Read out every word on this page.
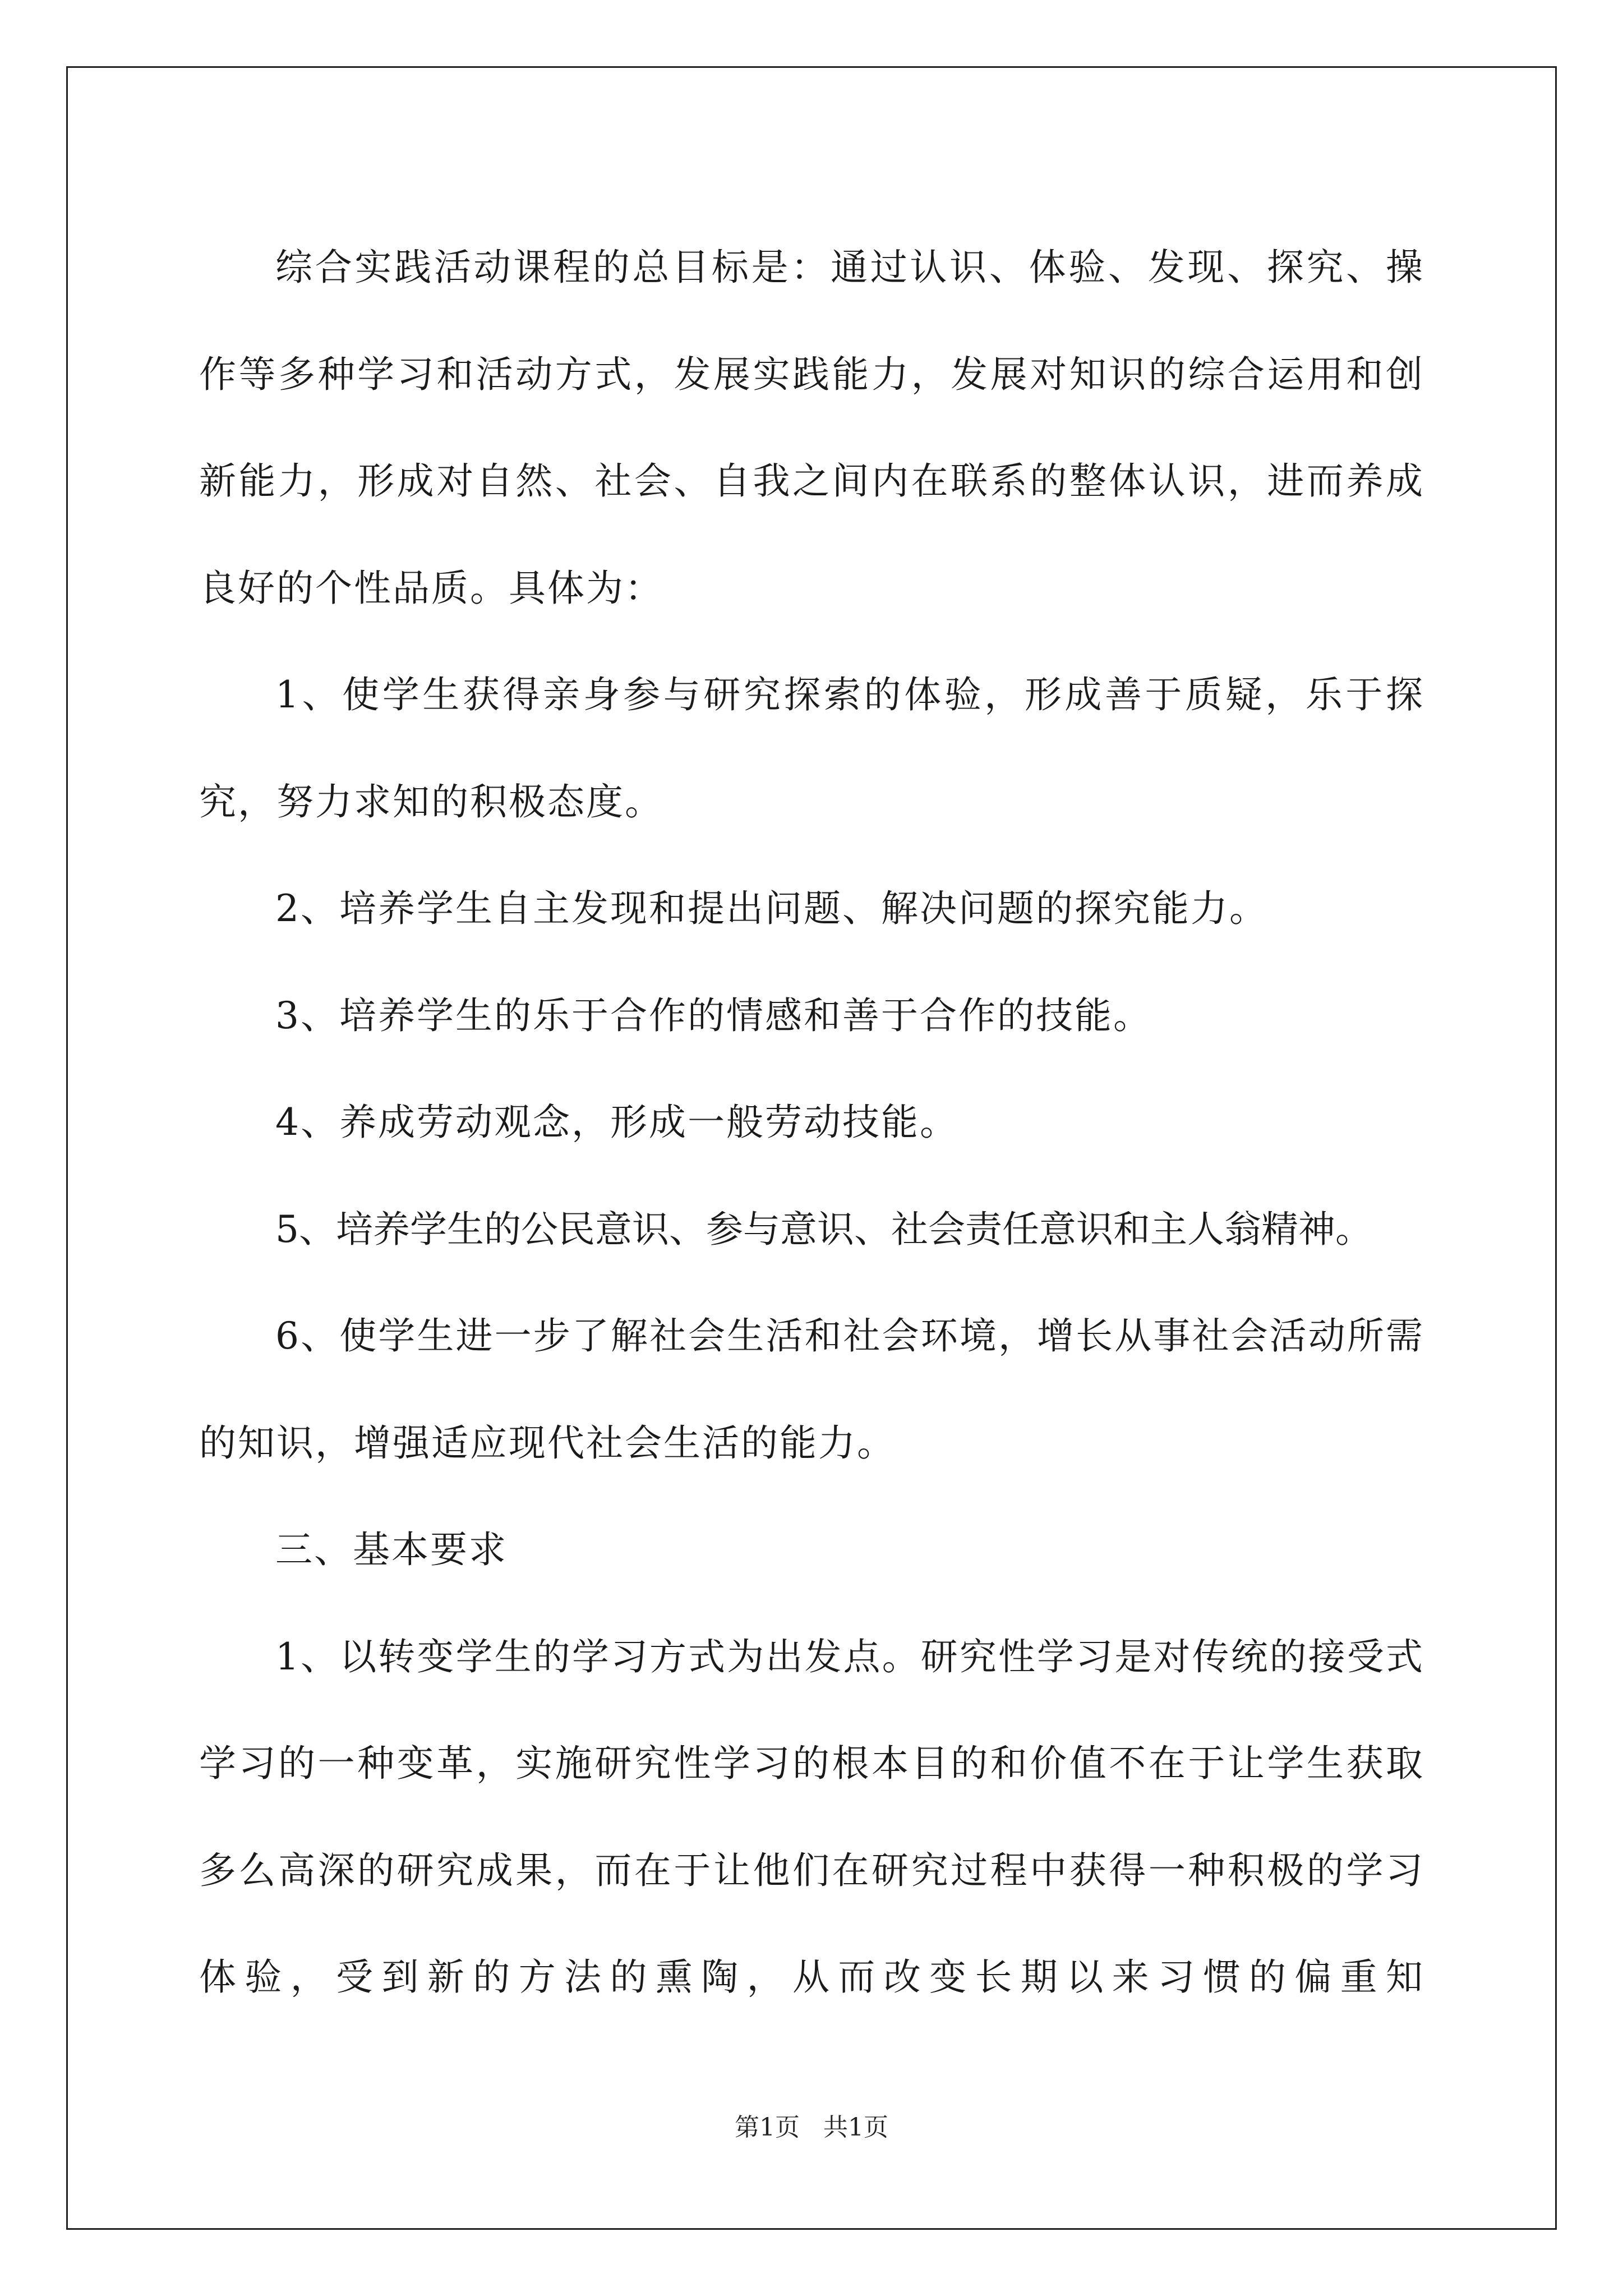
综合实践活动课程的总目标是：通过认识、体验、发现、探究、操作等多种学习和活动方式，发展实践能力，发展对知识的综合运用和创新能力，形成对自然、社会、自我之间内在联系的整体认识，进而养成良好的个性品质。具体为：

1、使学生获得亲身参与研究探索的体验，形成善于质疑，乐于探究，努力求知的积极态度。

2、培养学生自主发现和提出问题、解决问题的探究能力。

3、培养学生的乐于合作的情感和善于合作的技能。

4、养成劳动观念，形成一般劳动技能。

5、培养学生的公民意识、参与意识、社会责任意识和主人翁精神。

6、使学生进一步了解社会生活和社会环境，增长从事社会活动所需的知识，增强适应现代社会生活的能力。

三、基本要求

1、以转变学生的学习方式为出发点。研究性学习是对传统的接受式学习的一种变革，实施研究性学习的根本目的和价值不在于让学生获取多么高深的研究成果，而在于让他们在研究过程中获得一种积极的学习体验，受到新的方法的熏陶，从而改变长期以来习惯的偏重知

第1页   共1页
